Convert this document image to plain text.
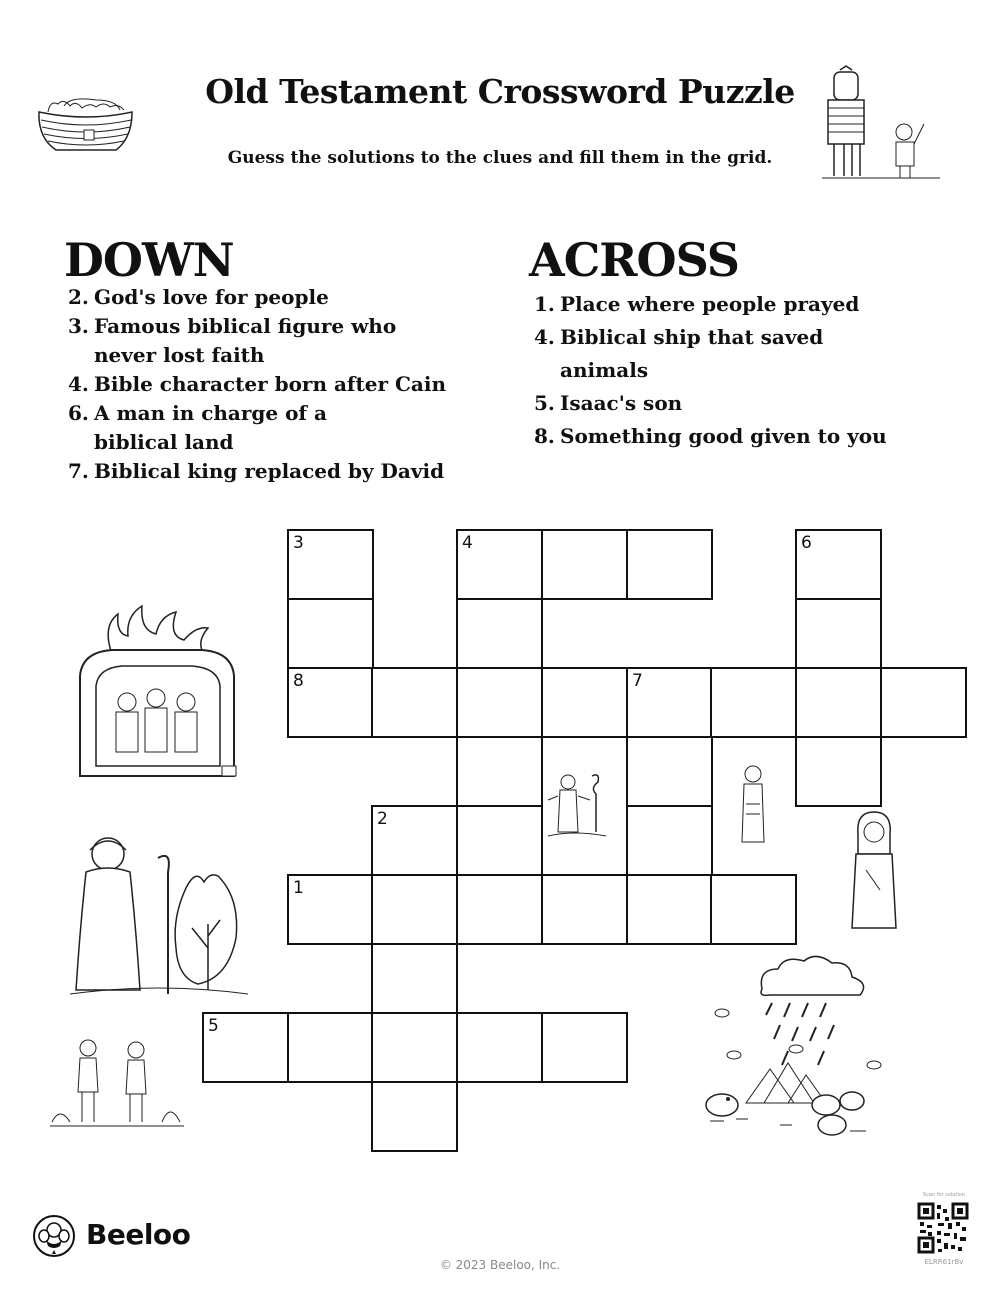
Old Testament Crossword Puzzle
Guess the solutions to the clues and fill them in the grid.
DOWN
2. God's love for people
3. Famous biblical figure who never lost faith
4. Bible character born after Cain
6. A man in charge of a biblical land
7. Biblical king replaced by David
ACROSS
1. Place where people prayed
4. Biblical ship that saved animals
5. Isaac's son
8. Something good given to you
3	4	6
8	7
2
1
5
Beeloo
© 2023 Beeloo, Inc.
Scan for solution
ELRR61rBv
